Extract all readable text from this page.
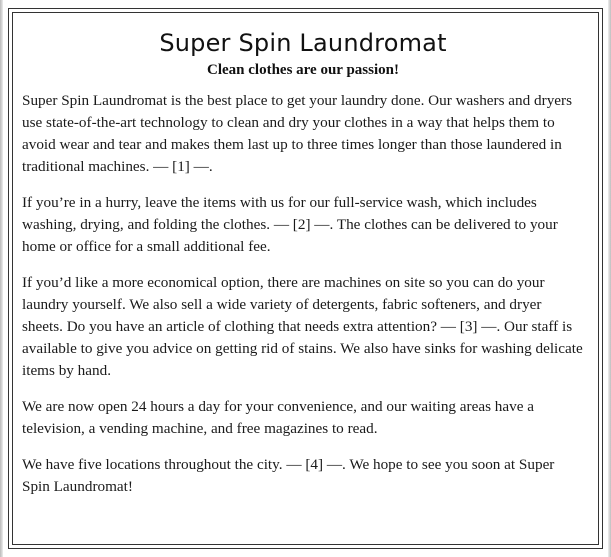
Super Spin Laundromat
Clean clothes are our passion!

Super Spin Laundromat is the best place to get your laundry done. Our washers and dryers use state-of-the-art technology to clean and dry your clothes in a way that helps them to avoid wear and tear and makes them last up to three times longer than those laundered in traditional machines. — [1] —.

If you’re in a hurry, leave the items with us for our full-service wash, which includes washing, drying, and folding the clothes. — [2] —. The clothes can be delivered to your home or office for a small additional fee.

If you’d like a more economical option, there are machines on site so you can do your laundry yourself. We also sell a wide variety of detergents, fabric softeners, and dryer sheets. Do you have an article of clothing that needs extra attention? — [3] —. Our staff is available to give you advice on getting rid of stains. We also have sinks for washing delicate items by hand.

We are now open 24 hours a day for your convenience, and our waiting areas have a television, a vending machine, and free magazines to read.

We have five locations throughout the city. — [4] —. We hope to see you soon at Super Spin Laundromat!
